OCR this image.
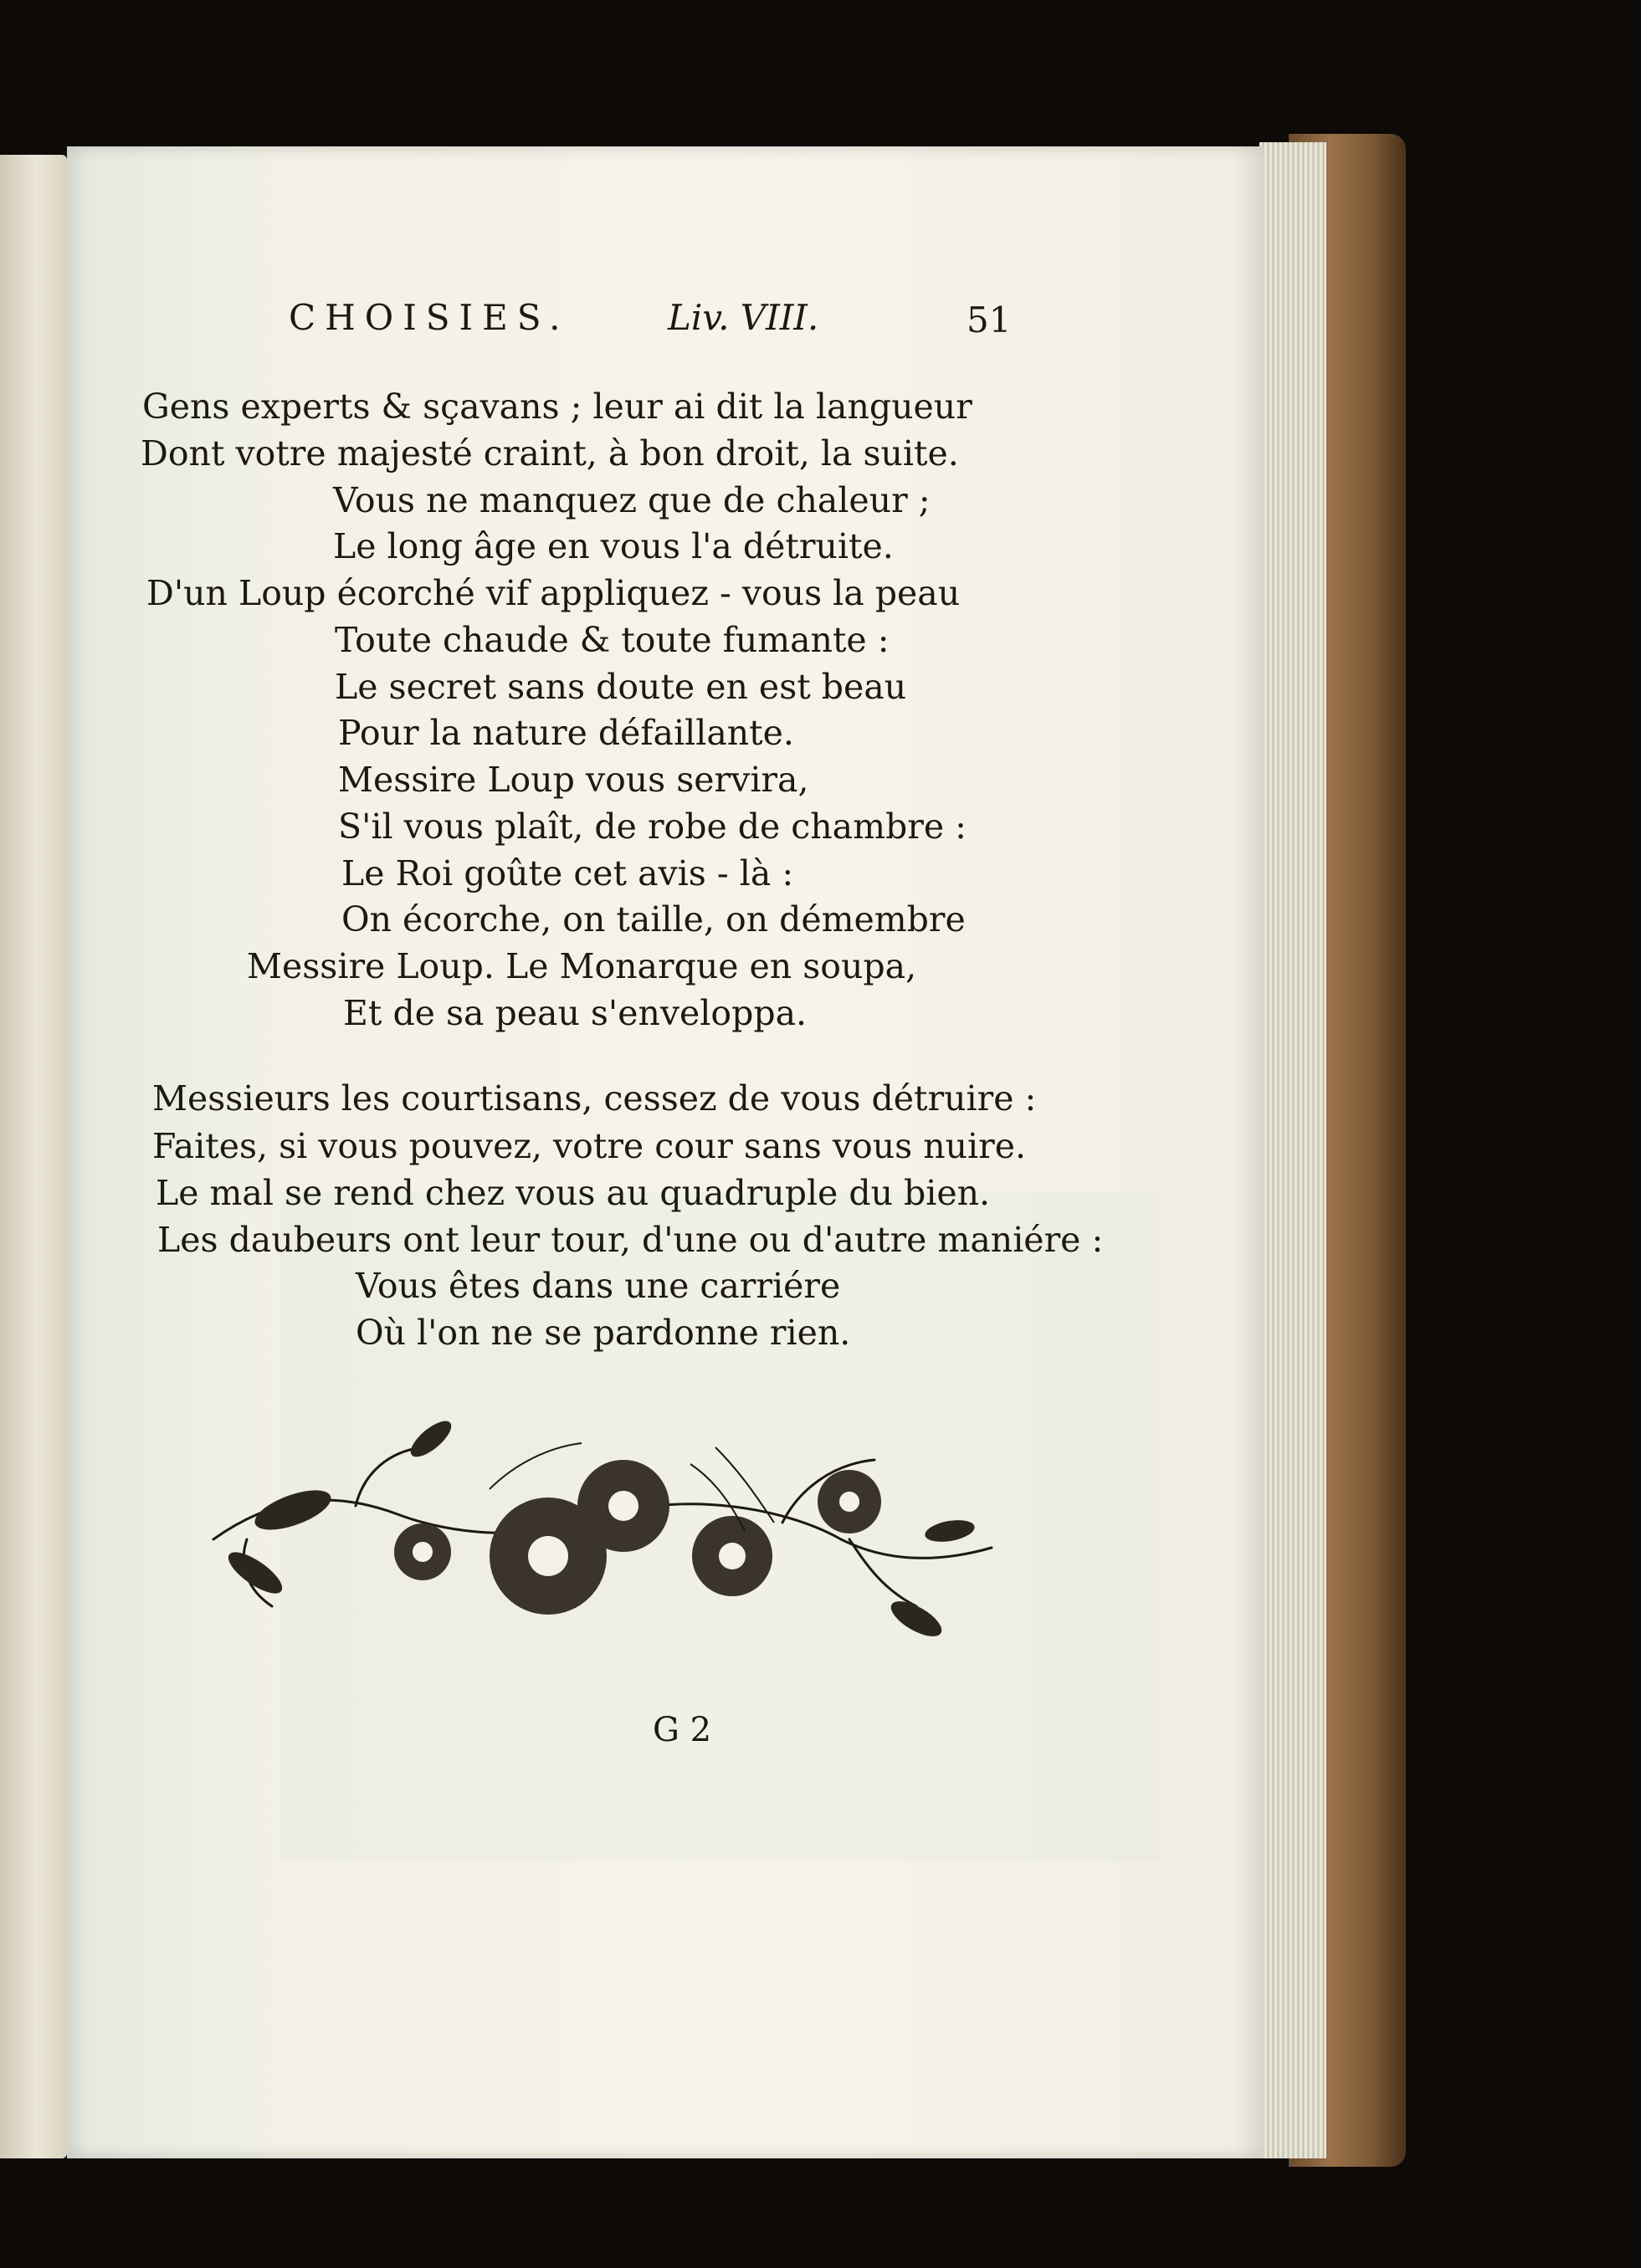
CHOISIES.	Liv. VIII.	51
Gens experts & sçavans ; leur ai dit la langueur
Dont votre majesté craint, à bon droit, la suite.
Vous ne manquez que de chaleur ;
Le long âge en vous l'a détruite.
D'un Loup écorché vif appliquez - vous la peau
Toute chaude & toute fumante :
Le secret sans doute en est beau
Pour la nature défaillante.
Messire Loup vous servira,
S'il vous plaît, de robe de chambre :
Le Roi goûte cet avis - là :
On écorche, on taille, on démembre
Messire Loup. Le Monarque en soupa,
Et de sa peau s'enveloppa.
Messieurs les courtisans, cessez de vous détruire :
Faites, si vous pouvez, votre cour sans vous nuire.
Le mal se rend chez vous au quadruple du bien.
Les daubeurs ont leur tour, d'une ou d'autre maniére :
Vous êtes dans une carriére
Où l'on ne se pardonne rien.
G 2
